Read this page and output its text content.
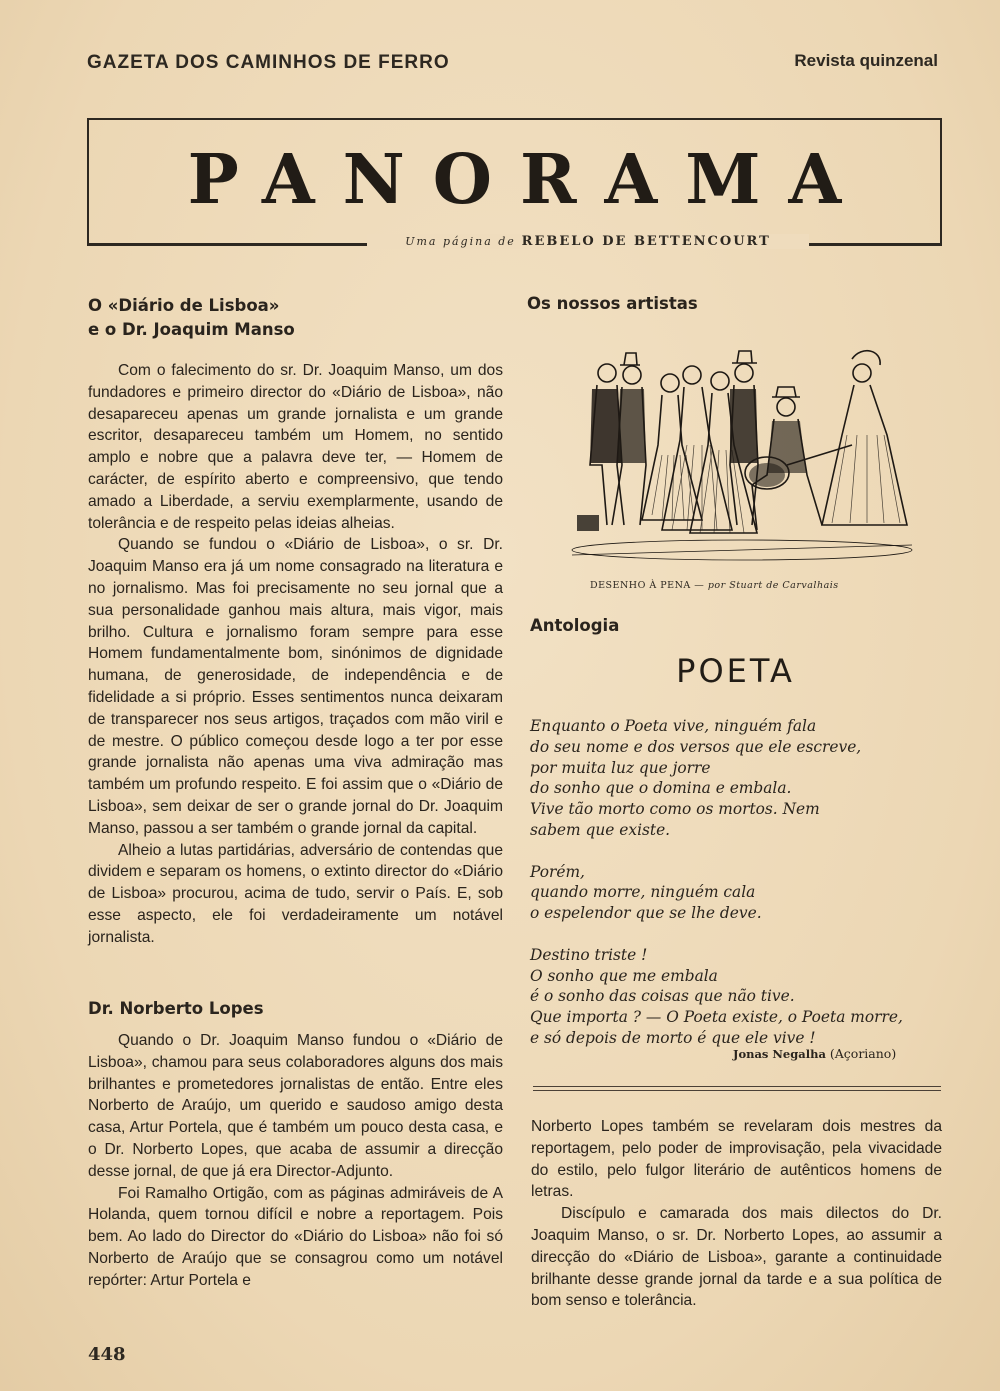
GAZETA DOS CAMINHOS DE FERRO	Revista quinzenal
PANORAMA
Uma página de REBELO DE BETTENCOURT
O «Diário de Lisboa»
e o Dr. Joaquim Manso

Com o falecimento do sr. Dr. Joaquim Manso, um dos fundadores e primeiro director do «Diário de Lisboa», não desapareceu apenas um grande jornalista e um grande escritor, desapareceu também um Homem, no sentido amplo e nobre que a palavra deve ter, — Homem de carácter, de espírito aberto e compreensivo, que tendo amado a Liberdade, a serviu exemplarmente, usando de tolerância e de respeito pelas ideias alheias.

Quando se fundou o «Diário de Lisboa», o sr. Dr. Joaquim Manso era já um nome consagrado na literatura e no jornalismo. Mas foi precisamente no seu jornal que a sua personalidade ganhou mais altura, mais vigor, mais brilho. Cultura e jornalismo foram sempre para esse Homem fundamentalmente bom, sinónimos de dignidade humana, de generosidade, de independência e de fidelidade a si próprio. Esses sentimentos nunca deixaram de transparecer nos seus artigos, traçados com mão viril e de mestre. O público começou desde logo a ter por esse grande jornalista não apenas uma viva admiração mas também um profundo respeito. E foi assim que o «Diário de Lisboa», sem deixar de ser o grande jornal do Dr. Joaquim Manso, passou a ser também o grande jornal da capital.

Alheio a lutas partidárias, adversário de contendas que dividem e separam os homens, o extinto director do «Diário de Lisboa» procurou, acima de tudo, servir o País. E, sob esse aspecto, ele foi verdadeiramente um notável jornalista.

Dr. Norberto Lopes

Quando o Dr. Joaquim Manso fundou o «Diário de Lisboa», chamou para seus colaboradores alguns dos mais brilhantes e prometedores jornalistas de então. Entre eles Norberto de Araújo, um querido e saudoso amigo desta casa, Artur Portela, que é também um pouco desta casa, e o Dr. Norberto Lopes, que acaba de assumir a direcção desse jornal, de que já era Director-Adjunto.

Foi Ramalho Ortigão, com as páginas admiráveis de A Holanda, quem tornou difícil e nobre a reportagem. Pois bem. Ao lado do Director do «Diário do Lisboa» não foi só Norberto de Araújo que se consagrou como um notável repórter: Artur Portela e

Os nossos artistas
DESENHO À PENA — por Stuart de Carvalhais
Antologia
POETA
Enquanto o Poeta vive, ninguém fala
do seu nome e dos versos que ele escreve,
por muita luz que jorre
do sonho que o domina e embala.
Vive tão morto como os mortos. Nem
sabem que existe.
Porém,
quando morre, ninguém cala
o espelendor que se lhe deve.
Destino triste !
O sonho que me embala
é o sonho das coisas que não tive.
Que importa ? — O Poeta existe, o Poeta morre,
e só depois de morto é que ele vive !
Jonas Negalha (Açoriano)

Norberto Lopes também se revelaram dois mestres da reportagem, pelo poder de improvisação, pela vivacidade do estilo, pelo fulgor literário de autênticos homens de letras.

Discípulo e camarada dos mais dilectos do Dr. Joaquim Manso, o sr. Dr. Norberto Lopes, ao assumir a direcção do «Diário de Lisboa», garante a continuidade brilhante desse grande jornal da tarde e a sua política de bom senso e tolerância.

448
